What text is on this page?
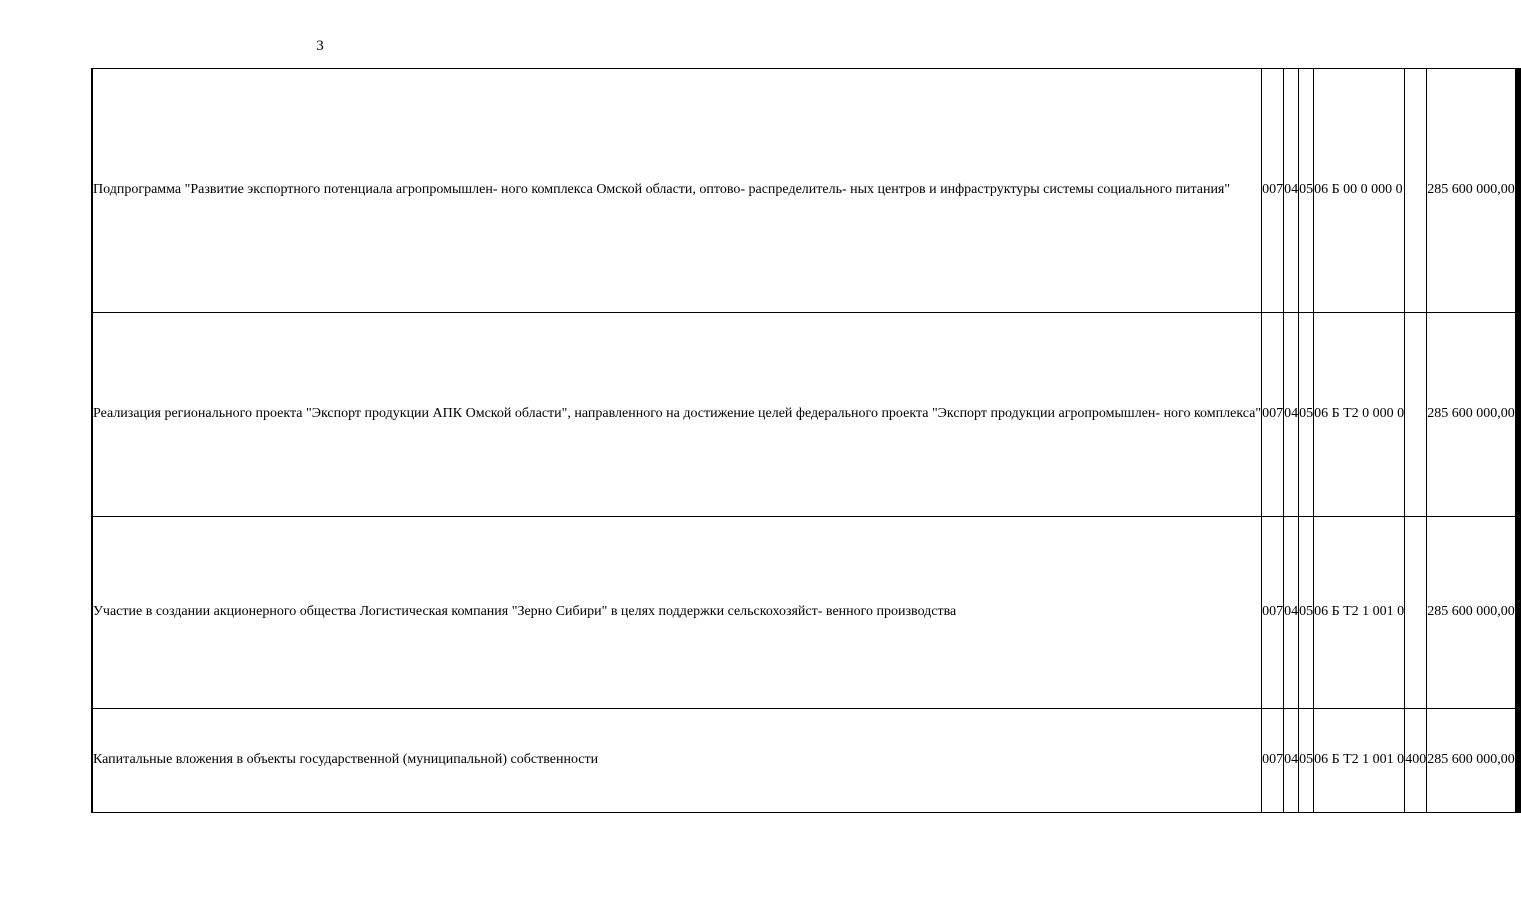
3
	Подпрограмма "Развитие экспортного потенциала агропромышлен- ного комплекса Омской области, оптово- распределитель- ных центров и инфраструктуры системы социального питания"	007	04	05	06 Б 00 0 000 0		285 600 000,00					
	Реализация регионального проекта "Экспорт продукции АПК Омской области", направленного на достижение целей федерального проекта "Экспорт продукции агропромышлен- ного комплекса"	007	04	05	06 Б Т2 0 000 0		285 600 000,00					
	Участие в создании акционерного общества Логистическая компания "Зерно Сибири" в целях поддержки сельскохозяйст- венного производства	007	04	05	06 Б Т2 1 001 0		285 600 000,00					
	Капитальные вложения в объекты государственной (муниципальной) собственности	007	04	05	06 Б Т2 1 001 0	400	285 600 000,00					
